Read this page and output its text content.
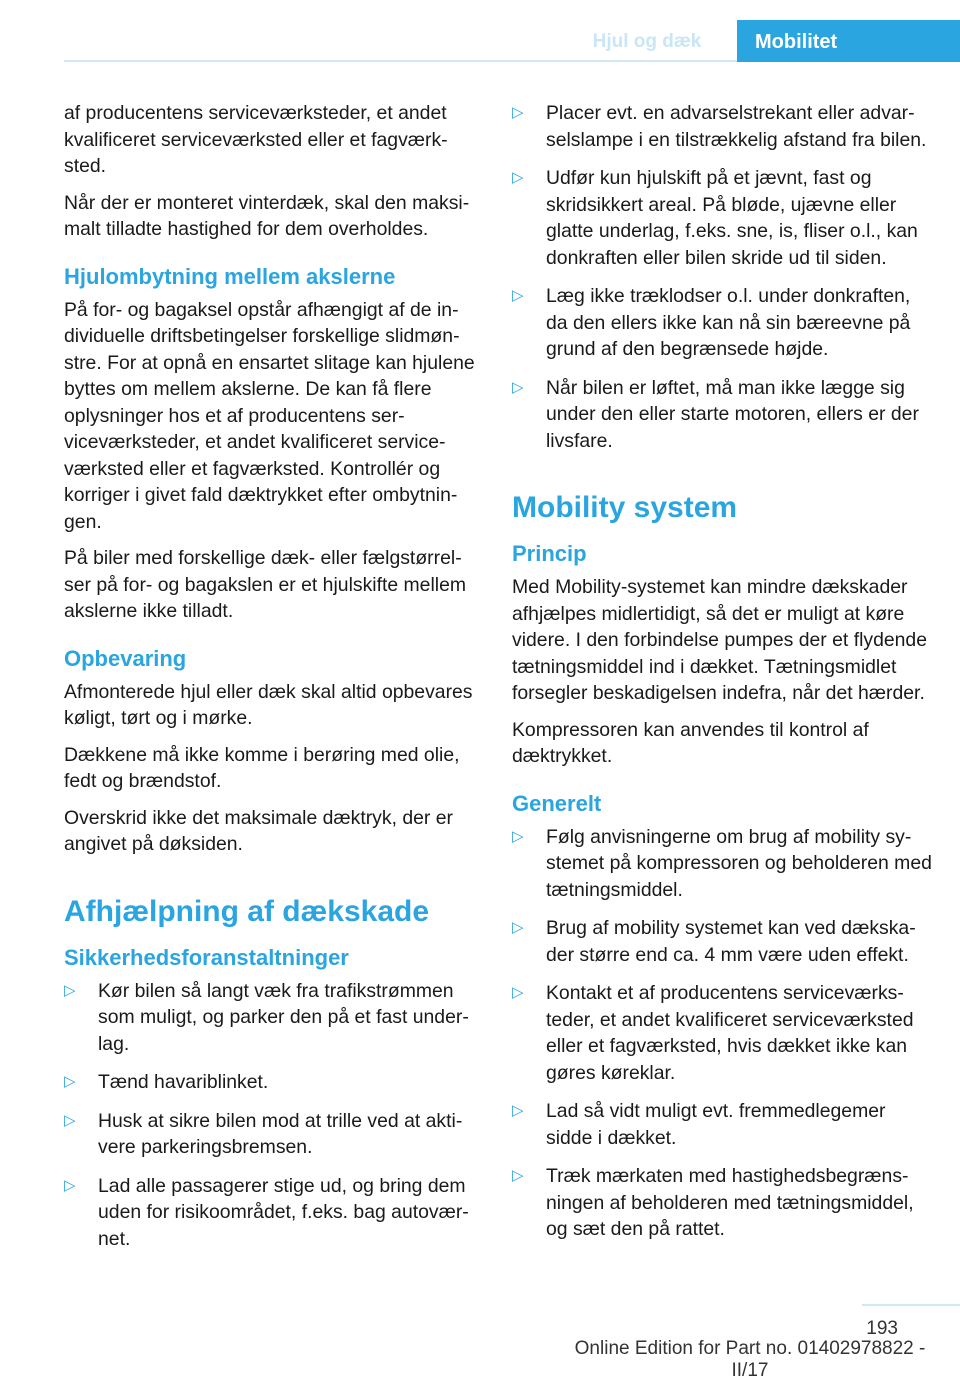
Hjul og dæk	Mobilitet

af producentens serviceværksteder, et andet kvalificeret serviceværksted eller et fagværksted.

Når der er monteret vinterdæk, skal den maksimalt tilladte hastighed for dem overholdes.

Hjulombytning mellem akslerne

På for- og bagaksel opstår afhængigt af de individuelle driftsbetingelser forskellige slidmønstre. For at opnå en ensartet slitage kan hjulene byttes om mellem akslerne. De kan få flere oplysninger hos et af producentens serviceværksteder, et andet kvalificeret serviceværksted eller et fagværksted. Kontrollér og korriger i givet fald dæktrykket efter ombytningen.

På biler med forskellige dæk- eller fælgstørrelser på for- og bagakslen er et hjulskifte mellem akslerne ikke tilladt.

Opbevaring

Afmonterede hjul eller dæk skal altid opbevares køligt, tørt og i mørke.

Dækkene må ikke komme i berøring med olie, fedt og brændstof.

Overskrid ikke det maksimale dæktryk, der er angivet på døksiden.

Afhjælpning af dækskade
Sikkerhedsforanstaltninger
▷ Kør bilen så langt væk fra trafikstrømmen som muligt, og parker den på et fast underlag.
▷ Tænd havariblinket.
▷ Husk at sikre bilen mod at trille ved at aktivere parkeringsbremsen.
▷ Lad alle passagerer stige ud, og bring dem uden for risikoområdet, f.eks. bag autoværnet.
▷ Placer evt. en advarselstrekant eller advarselslampe i en tilstrækkelig afstand fra bilen.
▷ Udfør kun hjulskift på et jævnt, fast og skridsikkert areal. På bløde, ujævne eller glatte underlag, f.eks. sne, is, fliser o.l., kan donkraften eller bilen skride ud til siden.
▷ Læg ikke træklodser o.l. under donkraften, da den ellers ikke kan nå sin bæreevne på grund af den begrænsede højde.
▷ Når bilen er løftet, må man ikke lægge sig under den eller starte motoren, ellers er der livsfare.
Mobility system
Princip

Med Mobility-systemet kan mindre dækskader afhjælpes midlertidigt, så det er muligt at køre videre. I den forbindelse pumpes der et flydende tætningsmiddel ind i dækket. Tætningsmidlet forsegler beskadigelsen indefra, når det hærder.

Kompressoren kan anvendes til kontrol af dæktrykket.

Generelt
▷ Følg anvisningerne om brug af mobility systemet på kompressoren og beholderen med tætningsmiddel.
▷ Brug af mobility systemet kan ved dækskader større end ca. 4 mm være uden effekt.
▷ Kontakt et af producentens serviceværksteder, et andet kvalificeret serviceværksted eller et fagværksted, hvis dækket ikke kan gøres køreklar.
▷ Lad så vidt muligt evt. fremmedlegemer sidde i dækket.
▷ Træk mærkaten med hastighedsbegrænsningen af beholderen med tætningsmiddel, og sæt den på rattet.
193
Online Edition for Part no. 01402978822 - II/17
